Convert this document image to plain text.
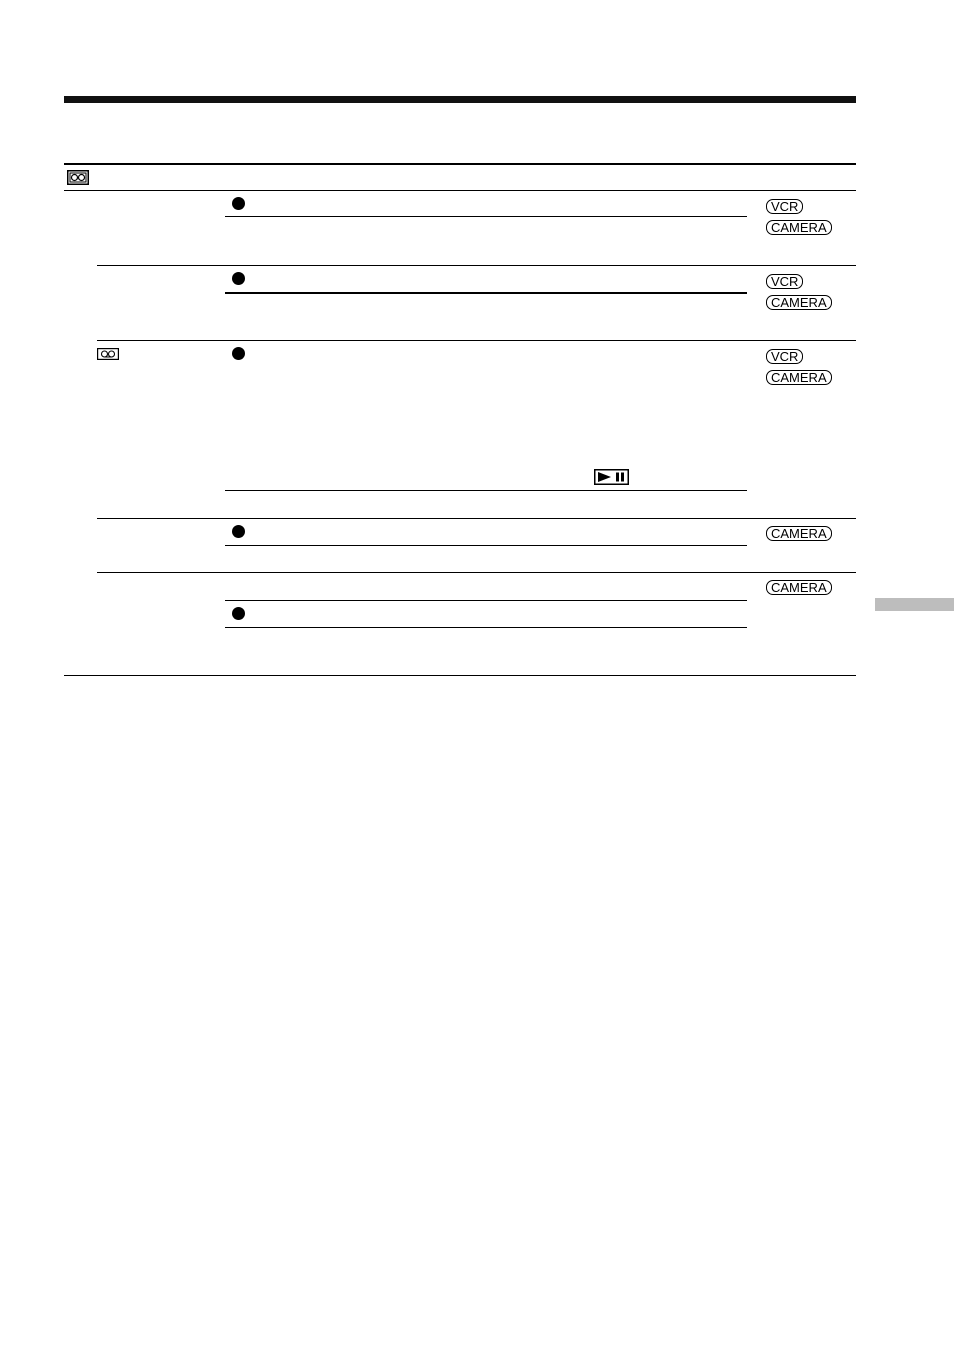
VCR
CAMERA
VCR
CAMERA
VCR
CAMERA
CAMERA
CAMERA
